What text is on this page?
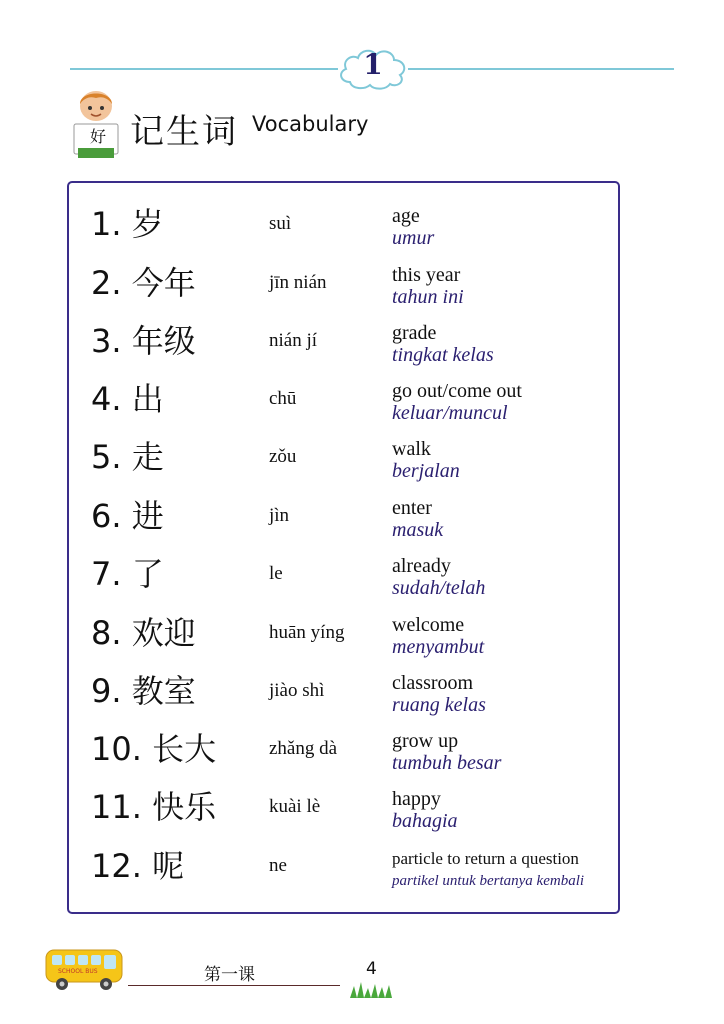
1
好 记生词 Vocabulary
1. 岁	suì	age
umur
2. 今年	jīn nián	this year
tahun ini
3. 年级	nián jí	grade
tingkat kelas
4. 出	chū	go out/come out
keluar/muncul
5. 走	zǒu	walk
berjalan
6. 进	jìn	enter
masuk
7. 了	le	already
sudah/telah
8. 欢迎	huān yíng welcome
menyambut
9. 教室	jiào shì	classroom
ruang kelas
10. 长大	zhǎng dà	grow up
tumbuh besar
11. 快乐	kuài lè	happy
bahagia
12. 呢	ne	particle to return a question
partikel untuk bertanya kembali
SCHOOL BUS	第一课	4
